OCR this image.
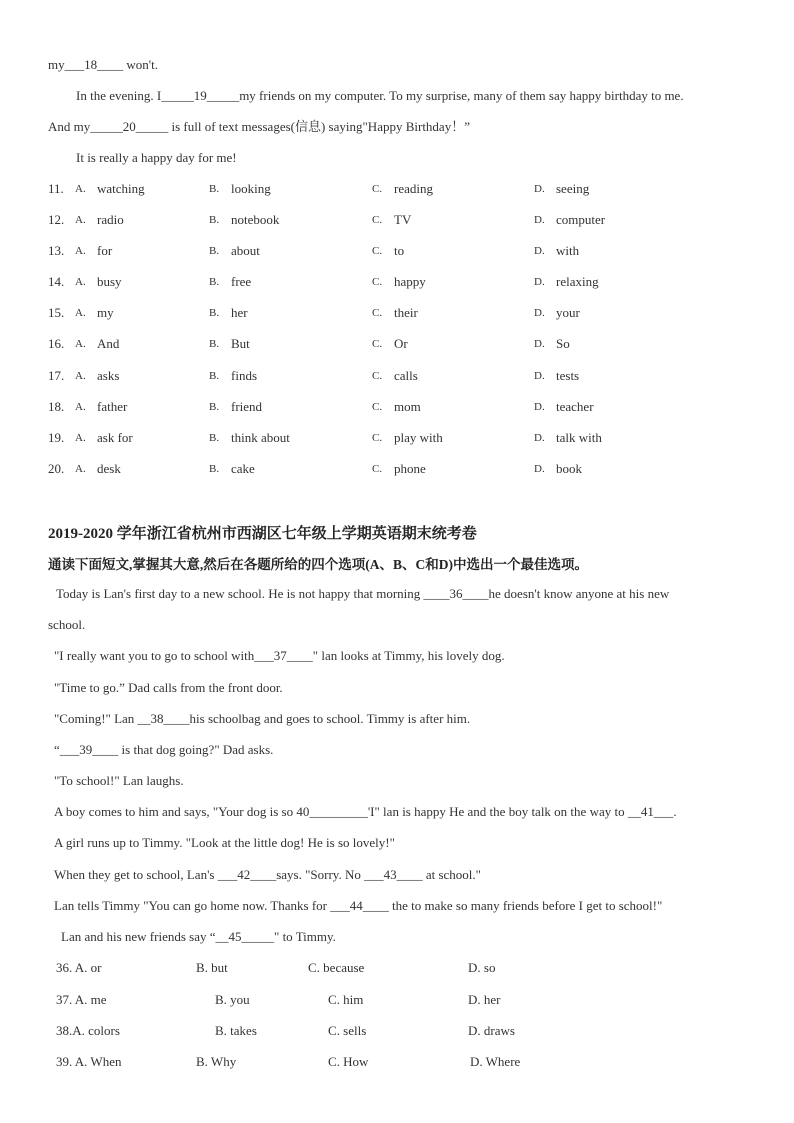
my___18____ won't.
In the evening. I_____19_____my friends on my computer. To my surprise, many of them say happy birthday to me.
And my_____20_____ is full of text messages(信息) saying"Happy Birthday！”
It is really a happy day for me!
11. A. watching	B. looking	C. reading	D. seeing
12. A. radio	B. notebook	C. TV	D. computer
13. A. for	B. about	C. to	D. with
14. A. busy	B. free	C. happy	D. relaxing
15. A. my	B. her	C. their	D. your
16. A. And	B. But	C. Or	D. So
17. A. asks	B. finds	C. calls	D. tests
18. A. father	B. friend	C. mom	D. teacher
19. A. ask for	B. think about	C. play with	D. talk with
20. A. desk	B. cake	C. phone	D. book
2019-2020 学年浙江省杭州市西湖区七年级上学期英语期末统考卷
通读下面短文,掌握其大意,然后在各题所给的四个选项(A、B、C和D)中选出一个最佳选项。
Today is Lan's first day to a new school. He is not happy that morning ____36____he doesn't know anyone at his new
school.
"I really want you to go to school with___37____" lan looks at Timmy, his lovely dog.
"Time to go.” Dad calls from the front door.
"Coming!" Lan __38____his schoolbag and goes to school. Timmy is after him.
“___39____ is that dog going?" Dad asks.
"To school!" Lan laughs.
A boy comes to him and says, "Your dog is so 40_________'I" lan is happy He and the boy talk on the way to __41___.
A girl runs up to Timmy. "Look at the little dog! He is so lovely!"
When they get to school, Lan's ___42____says. "Sorry. No ___43____ at school."
Lan tells Timmy "You can go home now. Thanks for ___44____ the to make so many friends before I get to school!"
Lan and his new friends say “__45_____" to Timmy.
36. A. or	B. but	C. because	D. so
37. A. me	B. you	C. him	D. her
38.A. colors	B. takes	C. sells	D. draws
39. A. When	B. Why	C. How	D. Where
